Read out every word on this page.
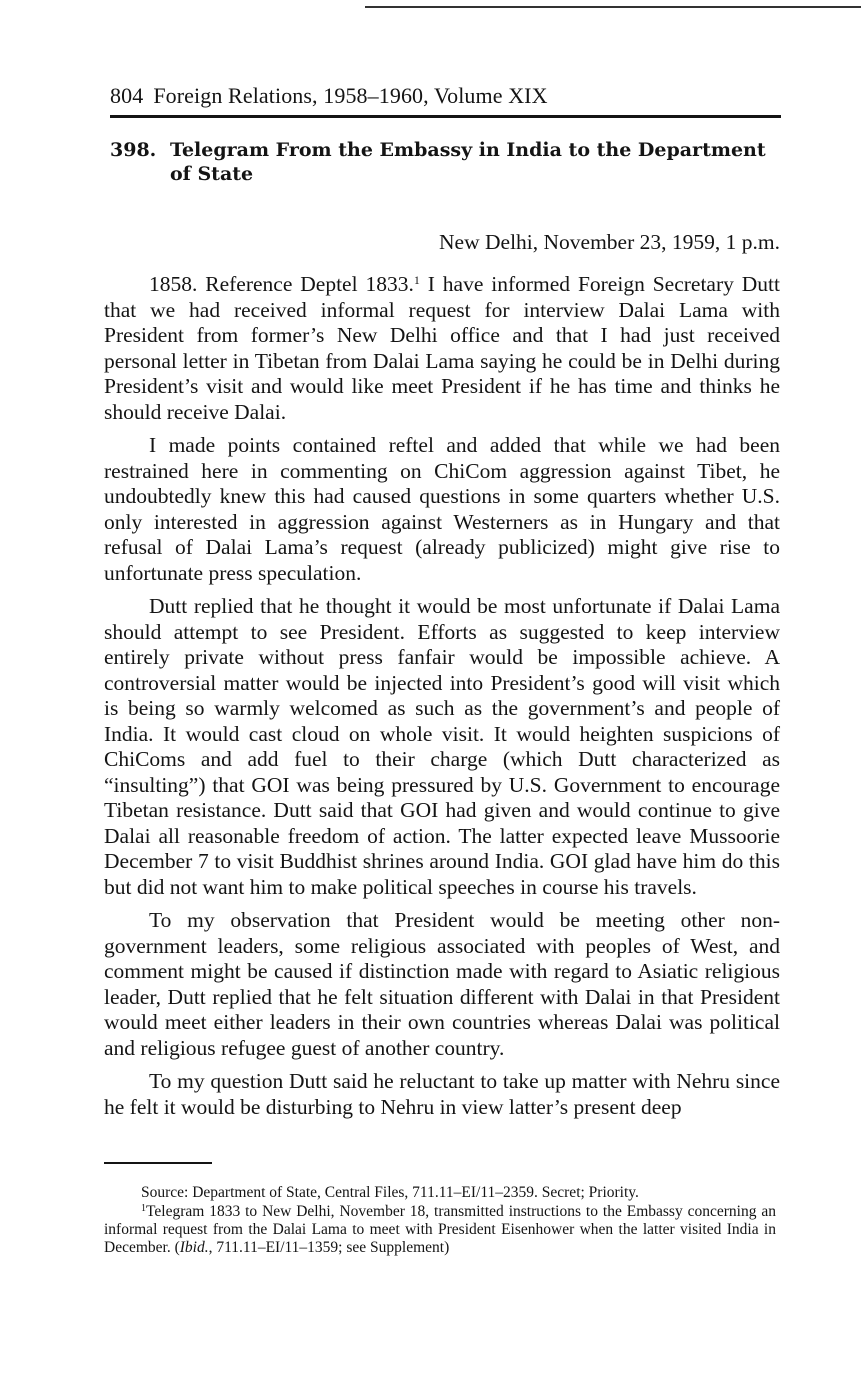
804 Foreign Relations, 1958–1960, Volume XIX
398. Telegram From the Embassy in India to the Department of State
New Delhi, November 23, 1959, 1 p.m.

1858. Reference Deptel 1833.$^1$ I have informed Foreign Secretary Dutt that we had received informal request for interview Dalai Lama with President from former’s New Delhi office and that I had just received personal letter in Tibetan from Dalai Lama saying he could be in Delhi during President’s visit and would like meet President if he has time and thinks he should receive Dalai.

I made points contained reftel and added that while we had been restrained here in commenting on ChiCom aggression against Tibet, he undoubtedly knew this had caused questions in some quarters whether U.S. only interested in aggression against Westerners as in Hungary and that refusal of Dalai Lama’s request (already publicized) might give rise to unfortunate press speculation.

Dutt replied that he thought it would be most unfortunate if Dalai Lama should attempt to see President. Efforts as suggested to keep interview entirely private without press fanfair would be impossible achieve. A controversial matter would be injected into President’s good will visit which is being so warmly welcomed as such as the government’s and people of India. It would cast cloud on whole visit. It would heighten suspicions of ChiComs and add fuel to their charge (which Dutt characterized as “insulting”) that GOI was being pressured by U.S. Government to encourage Tibetan resistance. Dutt said that GOI had given and would continue to give Dalai all reasonable freedom of action. The latter expected leave Mussoorie December 7 to visit Buddhist shrines around India. GOI glad have him do this but did not want him to make political speeches in course his travels.

To my observation that President would be meeting other non-government leaders, some religious associated with peoples of West, and comment might be caused if distinction made with regard to Asiatic religious leader, Dutt replied that he felt situation different with Dalai in that President would meet either leaders in their own countries whereas Dalai was political and religious refugee guest of another country.

To my question Dutt said he reluctant to take up matter with Nehru since he felt it would be disturbing to Nehru in view latter’s present deep

Source: Department of State, Central Files, 711.11–EI/11–2359. Secret; Priority.

$^1$Telegram 1833 to New Delhi, November 18, transmitted instructions to the Embassy concerning an informal request from the Dalai Lama to meet with President Eisenhower when the latter visited India in December. (Ibid., 711.11–EI/11–1359; see Supplement)
